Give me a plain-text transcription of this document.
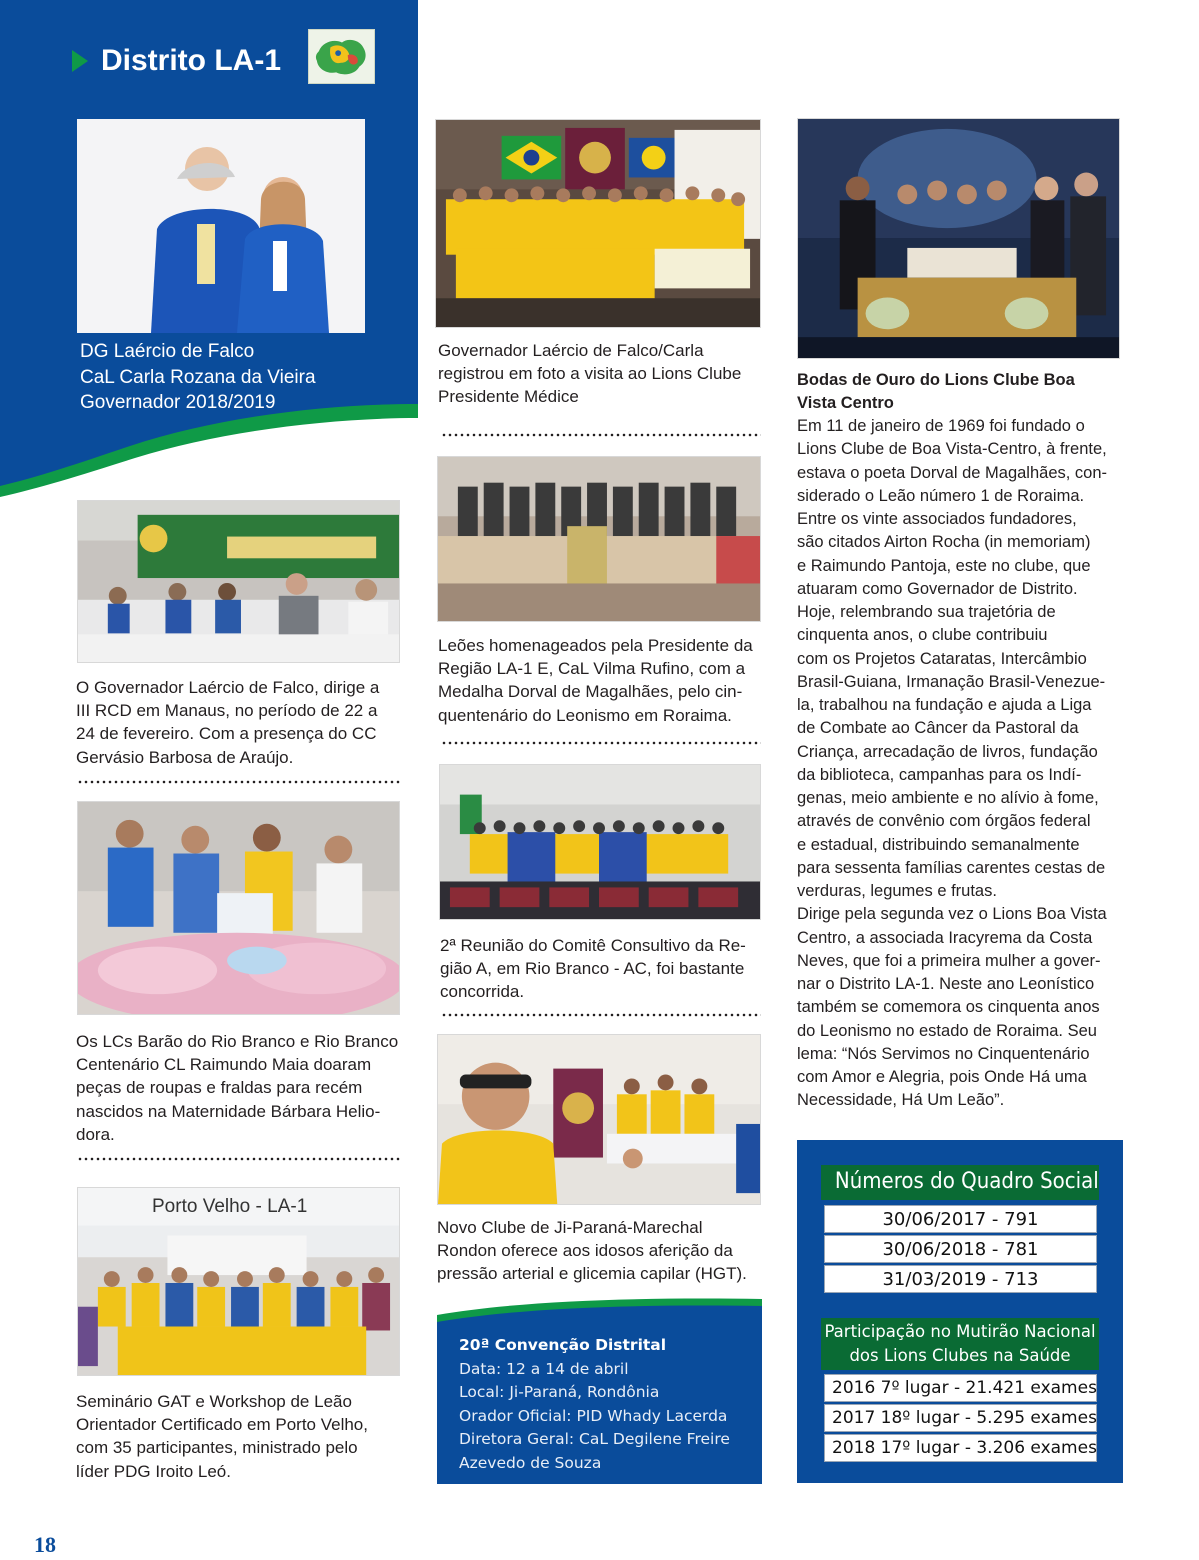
Distrito LA-1
DG Laércio de Falco
CaL Carla Rozana da Vieira
Governador 2018/2019
O Governador Laércio de Falco, dirige a
III RCD em Manaus, no período de 22 a
24 de fevereiro. Com a presença do CC
Gervásio Barbosa de Araújo.
Os LCs Barão do Rio Branco e Rio Branco
Centenário CL Raimundo Maia doaram
peças de roupas e fraldas para recém
nascidos na Maternidade Bárbara Helio-
dora.
Porto Velho - LA-1
Seminário GAT e Workshop de Leão
Orientador Certificado em Porto Velho,
com 35 participantes, ministrado pelo
líder PDG Iroito Leó.
18
Governador Laércio de Falco/Carla
registrou em foto a visita ao Lions Clube
Presidente Médice
Leões homenageados pela Presidente da
Região LA-1 E, CaL Vilma Rufino, com a
Medalha Dorval de Magalhães, pelo cin-
quentenário do Leonismo em Roraima.
2ª Reunião do Comitê Consultivo da Re-
gião A, em Rio Branco - AC, foi bastante
concorrida.
Novo Clube de Ji-Paraná-Marechal
Rondon oferece aos idosos aferição da
pressão arterial e glicemia capilar (HGT).
20ª Convenção Distrital
Data: 12 a 14 de abril
Local: Ji-Paraná, Rondônia
Orador Oficial: PID Whady Lacerda
Diretora Geral: CaL Degilene Freire
Azevedo de Souza
Bodas de Ouro do Lions Clube Boa
Vista Centro
Em 11 de janeiro de 1969 foi fundado o
Lions Clube de Boa Vista-Centro, à frente,
estava o poeta Dorval de Magalhães, con-
siderado o Leão número 1 de Roraima.
Entre os vinte associados fundadores,
são citados Airton Rocha (in memoriam)
e Raimundo Pantoja, este no clube, que
atuaram como Governador de Distrito.
Hoje, relembrando sua trajetória de
cinquenta anos, o clube contribuiu
com os Projetos Cataratas, Intercâmbio
Brasil-Guiana, Irmanação Brasil-Venezue-
la, trabalhou na fundação e ajuda a Liga
de Combate ao Câncer da Pastoral da
Criança, arrecadação de livros, fundação
da biblioteca, campanhas para os Indí-
genas, meio ambiente e no alívio à fome,
através de convênio com órgãos federal
e estadual, distribuindo semanalmente
para sessenta famílias carentes cestas de
verduras, legumes e frutas.
Dirige pela segunda vez o Lions Boa Vista
Centro, a associada Iracyrema da Costa
Neves, que foi a primeira mulher a gover-
nar o Distrito LA-1. Neste ano Leonístico
também se comemora os cinquenta anos
do Leonismo no estado de Roraima. Seu
lema: “Nós Servimos no Cinquentenário
com Amor e Alegria, pois Onde Há uma
Necessidade, Há Um Leão”.
Números do Quadro Social
30/06/2017 - 791
30/06/2018 - 781
31/03/2019 - 713
Participação no Mutirão Nacional
dos Lions Clubes na Saúde
2016 7º lugar - 21.421 exames
2017 18º lugar - 5.295 exames
2018 17º lugar - 3.206 exames
